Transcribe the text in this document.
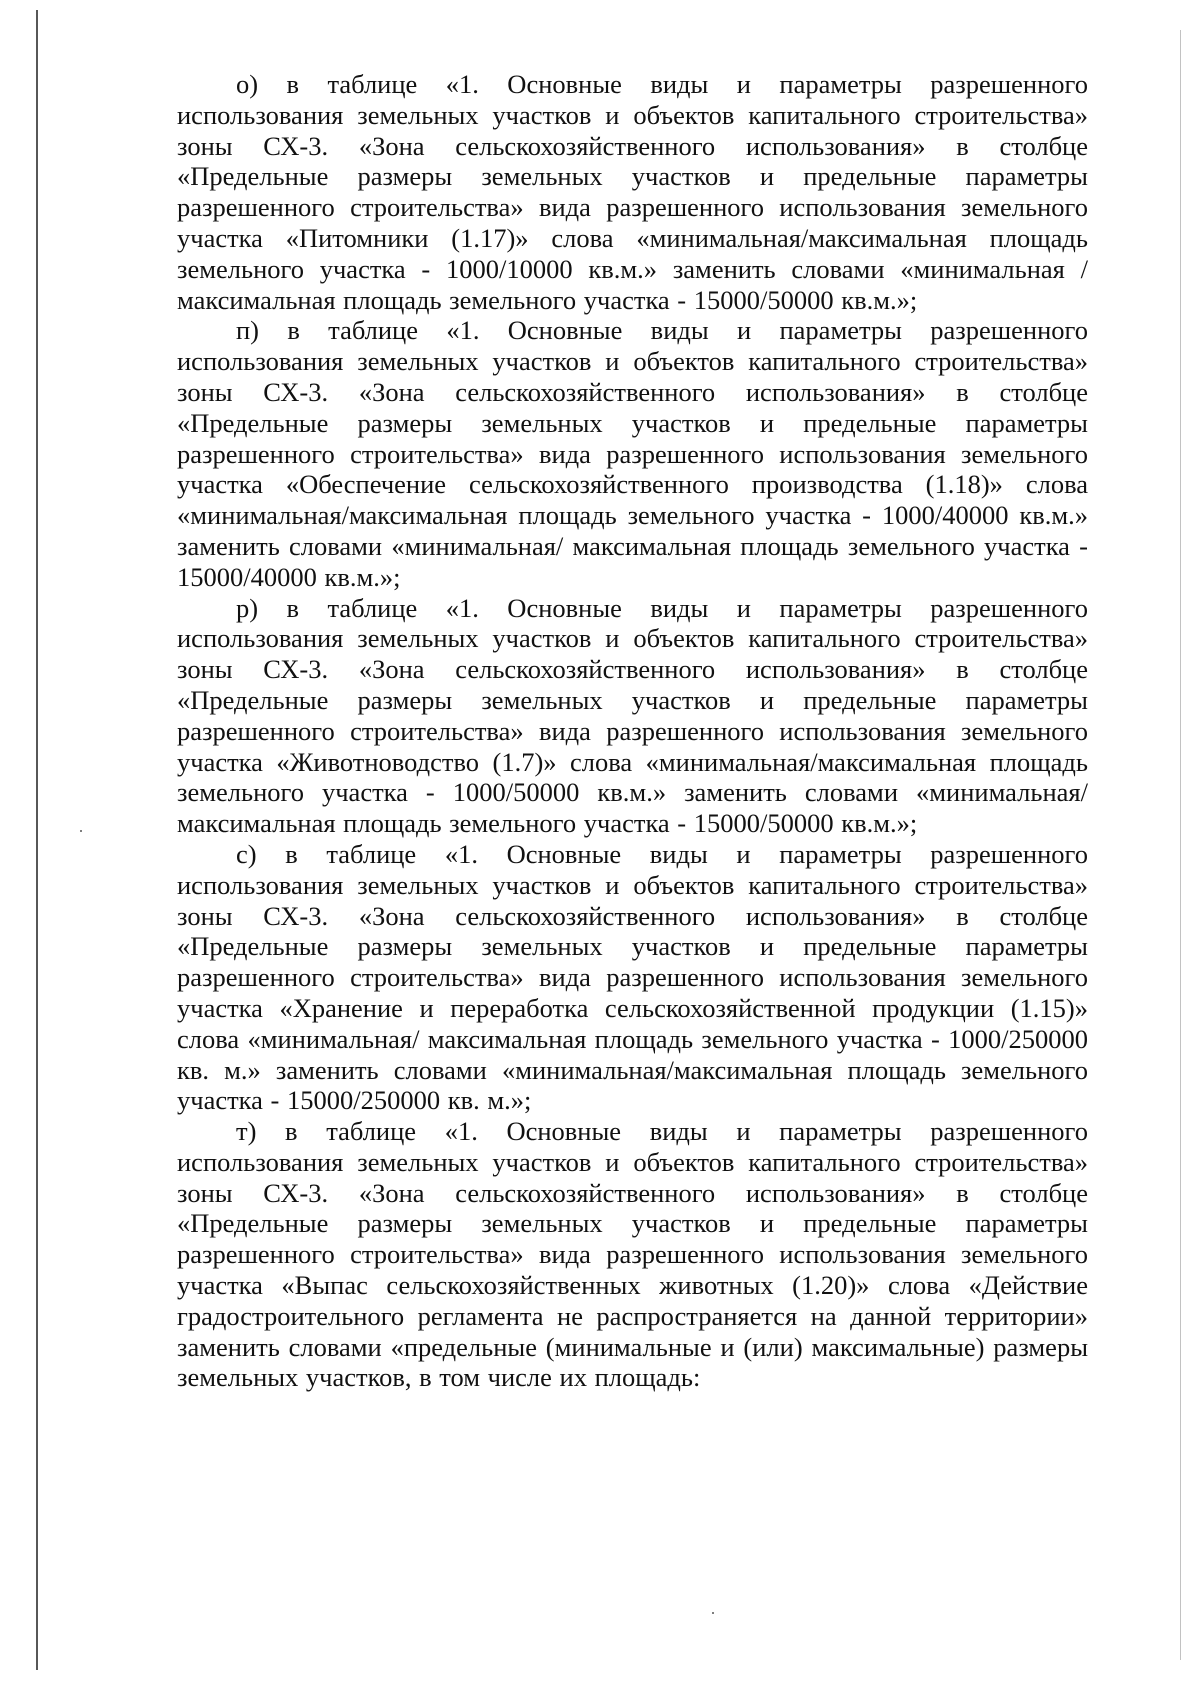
о) в таблице «1. Основные виды и параметры разрешенного использования земельных участков и объектов капитального строительства» зоны СХ-3. «Зона сельскохозяйственного использования» в столбце «Предельные размеры земельных участков и предельные параметры разрешенного строительства» вида разрешенного использования земельного участка «Питомники (1.17)» слова «минимальная/максимальная площадь земельного участка - 1000/10000 кв.м.» заменить словами «минимальная / максимальная площадь земельного участка - 15000/50000 кв.м.»;

п) в таблице «1. Основные виды и параметры разрешенного использования земельных участков и объектов капитального строительства» зоны СХ-3. «Зона сельскохозяйственного использования» в столбце «Предельные размеры земельных участков и предельные параметры разрешенного строительства» вида разрешенного использования земельного участка «Обеспечение сельскохозяйственного производства (1.18)» слова «минимальная/максимальная площадь земельного участка - 1000/40000 кв.м.» заменить словами «минимальная/ максимальная площадь земельного участка - 15000/40000 кв.м.»;

р) в таблице «1. Основные виды и параметры разрешенного использования земельных участков и объектов капитального строительства» зоны СХ-3. «Зона сельскохозяйственного использования» в столбце «Предельные размеры земельных участков и предельные параметры разрешенного строительства» вида разрешенного использования земельного участка «Животноводство (1.7)» слова «минимальная/максимальная площадь земельного участка - 1000/50000 кв.м.» заменить словами «минимальная/максимальная площадь земельного участка - 15000/50000 кв.м.»;

с) в таблице «1. Основные виды и параметры разрешенного использования земельных участков и объектов капитального строительства» зоны СХ-3. «Зона сельскохозяйственного использования» в столбце «Предельные размеры земельных участков и предельные параметры разрешенного строительства» вида разрешенного использования земельного участка «Хранение и переработка сельскохозяйственной продукции (1.15)» слова «минимальная/ максимальная площадь земельного участка - 1000/250000 кв. м.» заменить словами «минимальная/максимальная площадь земельного участка - 15000/250000 кв. м.»;

т) в таблице «1. Основные виды и параметры разрешенного использования земельных участков и объектов капитального строительства» зоны СХ-3. «Зона сельскохозяйственного использования» в столбце «Предельные размеры земельных участков и предельные параметры разрешенного строительства» вида разрешенного использования земельного участка «Выпас сельскохозяйственных животных (1.20)» слова «Действие градостроительного регламента не распространяется на данной территории» заменить словами «предельные (минимальные и (или) максимальные) размеры земельных участков, в том числе их площадь:
